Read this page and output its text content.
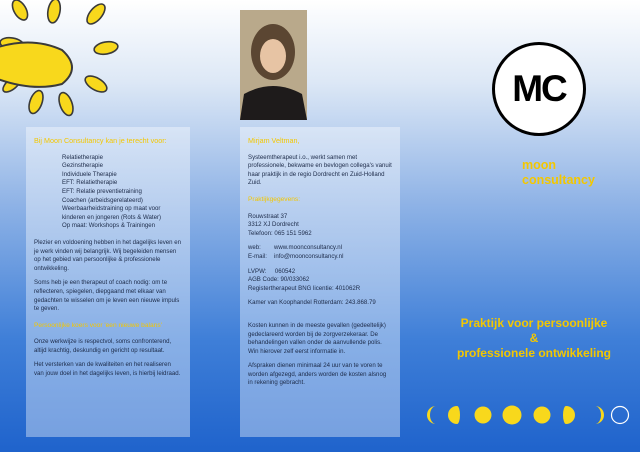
Bij Moon Consultancy kan je terecht voor:
Relatietherapie
Gezinstherapie
Individuele Therapie
EFT: Relatietherapie
EFT: Relatie preventietraining
Coachen (arbeidsgerelateerd)
Weerbaarheidstraining op maat voor kinderen en jongeren (Rots & Water)
Op maat: Workshops & Trainingen

Plezier en voldoening hebben in het dagelijks leven en je werk vinden wij belangrijk. Wij begeleiden mensen op het gebied van persoonlijke & professionele ontwikkeling.

Soms heb je een therapeut of coach nodig: om te reflecteren, spiegelen, diepgaand met elkaar van gedachten te wisselen om je leven een nieuwe impuls te geven.

Persoonlijke koers voor 'een nieuwe balans'

Onze werkwijze is respectvol, soms confronterend, altijd krachtig, deskundig en gericht op resultaat.

Het versterken van de kwaliteiten en het realiseren van jouw doel in het dagelijks leven, is hierbij leidraad.

Mirjam Veltman,

Systeemtherapeut i.o., werkt samen met professionele, bekwame en bevlogen collega's vanuit haar praktijk in de regio Dordrecht en Zuid-Holland Zuid.

Praktijkgegevens:
Rouwstraat 37
3312 XJ Dordrecht

Telefoon: 065 151 5962

web:	www.moonconsultancy.nl
E-mail:	info@moonconsultancy.nl
LVPW:     060542
AGB Code: 90/033062

Registertherapeut BNG licentie: 401062R

Kamer van Koophandel Rotterdam: 243.868.79

Kosten kunnen in de meeste gevallen (gedeeltelijk) gedeclareerd worden bij de zorgverzekeraar. De behandelingen vallen onder de aanvullende polis. Win hierover zelf eerst informatie in.

Afspraken dienen minimaal 24 uur van te voren te worden afgezegd, anders worden de kosten alsnog in rekening gebracht.

MC
moon
consultancy
Praktijk voor persoonlijke
&
professionele ontwikkeling
